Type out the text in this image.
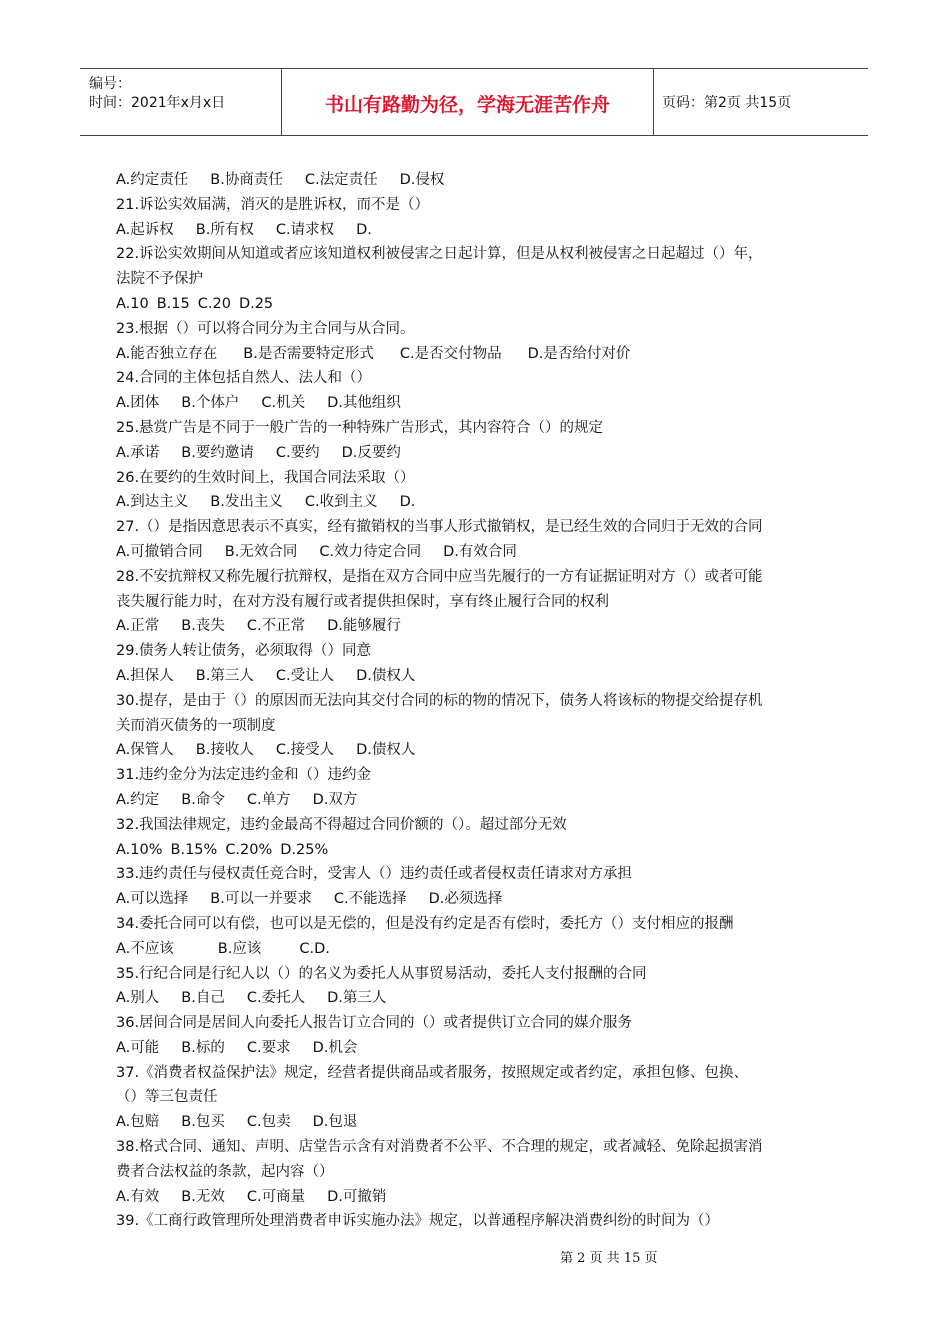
编号：
时间：2021年x月x日	书山有路勤为径，学海无涯苦作舟	页码：第2页 共15页
A.约定责任 B.协商责任 C.法定责任 D.侵权
21.诉讼实效届满，消灭的是胜诉权，而不是（）
A.起诉权 B.所有权 C.请求权 D.
22.诉讼实效期间从知道或者应该知道权利被侵害之日起计算，但是从权利被侵害之日起超过（）年，
法院不予保护
A.10 B.15 C.20 D.25
23.根据（）可以将合同分为主合同与从合同。
A.能否独立存在 B.是否需要特定形式 C.是否交付物品 D.是否给付对价
24.合同的主体包括自然人、法人和（）
A.团体 B.个体户 C.机关 D.其他组织
25.悬赏广告是不同于一般广告的一种特殊广告形式，其内容符合（）的规定
A.承诺 B.要约邀请 C.要约 D.反要约
26.在要约的生效时间上，我国合同法采取（）
A.到达主义 B.发出主义 C.收到主义 D.
27.（）是指因意思表示不真实，经有撤销权的当事人形式撤销权，是已经生效的合同归于无效的合同
A.可撤销合同 B.无效合同 C.效力待定合同 D.有效合同
28.不安抗辩权又称先履行抗辩权，是指在双方合同中应当先履行的一方有证据证明对方（）或者可能
丧失履行能力时，在对方没有履行或者提供担保时，享有终止履行合同的权利
A.正常 B.丧失 C.不正常 D.能够履行
29.债务人转让债务，必须取得（）同意
A.担保人 B.第三人 C.受让人 D.债权人
30.提存，是由于（）的原因而无法向其交付合同的标的物的情况下，债务人将该标的物提交给提存机
关而消灭债务的一项制度
A.保管人 B.接收人 C.接受人 D.债权人
31.违约金分为法定违约金和（）违约金
A.约定 B.命令 C.单方 D.双方
32.我国法律规定，违约金最高不得超过合同价额的（）。超过部分无效
A.10% B.15% C.20% D.25%
33.违约责任与侵权责任竞合时，受害人（）违约责任或者侵权责任请求对方承担
A.可以选择 B.可以一并要求 C.不能选择 D.必须选择
34.委托合同可以有偿，也可以是无偿的，但是没有约定是否有偿时，委托方（）支付相应的报酬
A.不应该	B.应该	C.D.
35.行纪合同是行纪人以（）的名义为委托人从事贸易活动，委托人支付报酬的合同
A.别人 B.自己 C.委托人 D.第三人
36.居间合同是居间人向委托人报告订立合同的（）或者提供订立合同的媒介服务
A.可能 B.标的 C.要求 D.机会
37.《消费者权益保护法》规定，经营者提供商品或者服务，按照规定或者约定，承担包修、包换、
（）等三包责任
A.包赔 B.包买 C.包卖 D.包退
38.格式合同、通知、声明、店堂告示含有对消费者不公平、不合理的规定，或者减轻、免除起损害消
费者合法权益的条款，起内容（）
A.有效 B.无效 C.可商量 D.可撤销
39.《工商行政管理所处理消费者申诉实施办法》规定，以普通程序解决消费纠纷的时间为（）
第 2 页 共 15 页
